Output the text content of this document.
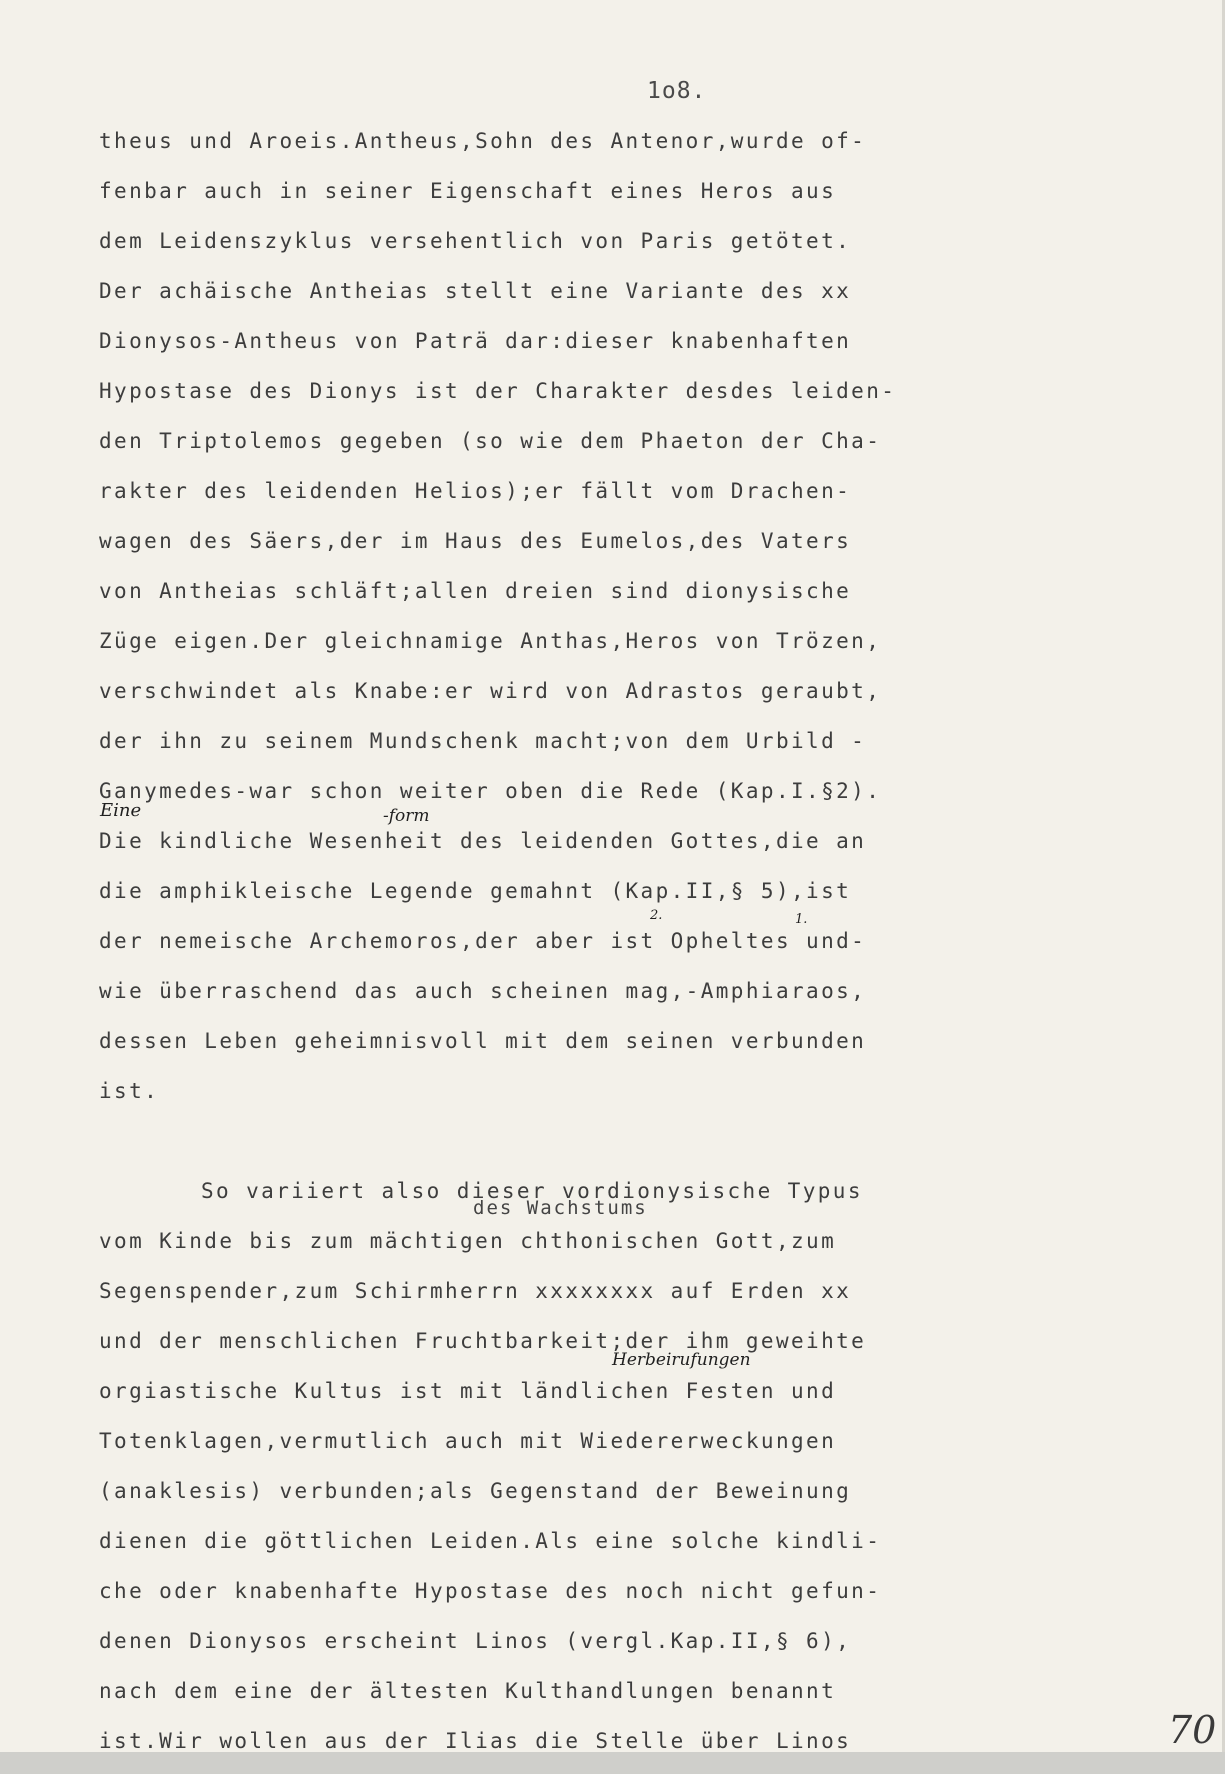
1o8.
theus und Aroeis.Antheus,Sohn des Antenor,wurde of-
fenbar auch in seiner Eigenschaft eines Heros aus
dem Leidenszyklus versehentlich von Paris getötet.
Der achäische Antheias stellt eine Variante des xx
Dionysos-Antheus von Paträ dar:dieser knabenhaften
Hypostase des Dionys ist der Charakter desdes leiden-
den Triptolemos gegeben (so wie dem Phaeton der Cha-
rakter des leidenden Helios);er fällt vom Drachen-
wagen des Säers,der im Haus des Eumelos,des Vaters
von Antheias schläft;allen dreien sind dionysische
Züge eigen.Der gleichnamige Anthas,Heros von Trözen,
verschwindet als Knabe:er wird von Adrastos geraubt,
der ihn zu seinem Mundschenk macht;von dem Urbild -
Ganymedes-war schon weiter oben die Rede (Kap.I.§2).
Die kindliche Wesenheit des leidenden Gottes,die an
die amphikleische Legende gemahnt (Kap.II,§ 5),ist
der nemeische Archemoros,der aber ist Opheltes und-
wie überraschend das auch scheinen mag,-Amphiaraos,
dessen Leben geheimnisvoll mit dem seinen verbunden
ist.
So variiert also dieser vordionysische Typus
vom Kinde bis zum mächtigen chthonischen Gott,zum
Segenspender,zum Schirmherrn xxxxxxxx auf Erden xx
und der menschlichen Fruchtbarkeit;der ihm geweihte
orgiastische Kultus ist mit ländlichen Festen und
Totenklagen,vermutlich auch mit Wiedererweckungen
(anaklesis) verbunden;als Gegenstand der Beweinung
dienen die göttlichen Leiden.Als eine solche kindli-
che oder knabenhafte Hypostase des noch nicht gefun-
denen Dionysos erscheint Linos (vergl.Kap.II,§ 6),
nach dem eine der ältesten Kulthandlungen benannt
ist.Wir wollen aus der Ilias die Stelle über Linos
Eine	-form
des Wachstums
Herbeirufungen
2.	1.
70
